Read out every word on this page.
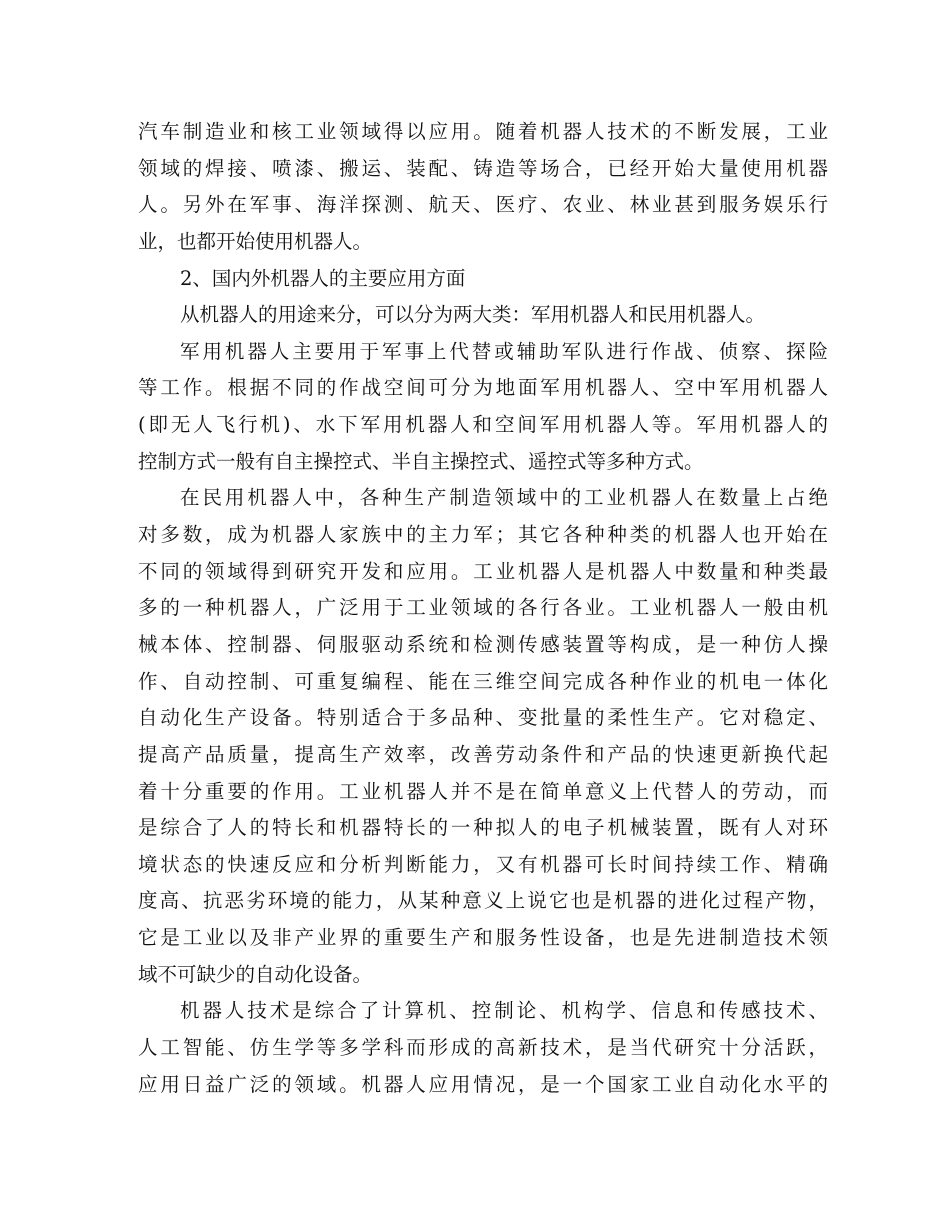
汽车制造业和核工业领域得以应用。随着机器人技术的不断发展，工业
领域的焊接、喷漆、搬运、装配、铸造等场合，已经开始大量使用机器
人。另外在军事、海洋探测、航天、医疗、农业、林业甚到服务娱乐行
业，也都开始使用机器人。
2、国内外机器人的主要应用方面
从机器人的用途来分，可以分为两大类：军用机器人和民用机器人。
军用机器人主要用于军事上代替或辅助军队进行作战、侦察、探险
等工作。根据不同的作战空间可分为地面军用机器人、空中军用机器人
(即无人飞行机)、水下军用机器人和空间军用机器人等。军用机器人的
控制方式一般有自主操控式、半自主操控式、遥控式等多种方式。
在民用机器人中，各种生产制造领域中的工业机器人在数量上占绝
对多数，成为机器人家族中的主力军；其它各种种类的机器人也开始在
不同的领域得到研究开发和应用。工业机器人是机器人中数量和种类最
多的一种机器人，广泛用于工业领域的各行各业。工业机器人一般由机
械本体、控制器、伺服驱动系统和检测传感装置等构成，是一种仿人操
作、自动控制、可重复编程、能在三维空间完成各种作业的机电一体化
自动化生产设备。特别适合于多品种、变批量的柔性生产。它对稳定、
提高产品质量，提高生产效率，改善劳动条件和产品的快速更新换代起
着十分重要的作用。工业机器人并不是在简单意义上代替人的劳动，而
是综合了人的特长和机器特长的一种拟人的电子机械装置，既有人对环
境状态的快速反应和分析判断能力，又有机器可长时间持续工作、精确
度高、抗恶劣环境的能力，从某种意义上说它也是机器的进化过程产物，
它是工业以及非产业界的重要生产和服务性设备，也是先进制造技术领
域不可缺少的自动化设备。
机器人技术是综合了计算机、控制论、机构学、信息和传感技术、
人工智能、仿生学等多学科而形成的高新技术，是当代研究十分活跃，
应用日益广泛的领域。机器人应用情况，是一个国家工业自动化水平的
